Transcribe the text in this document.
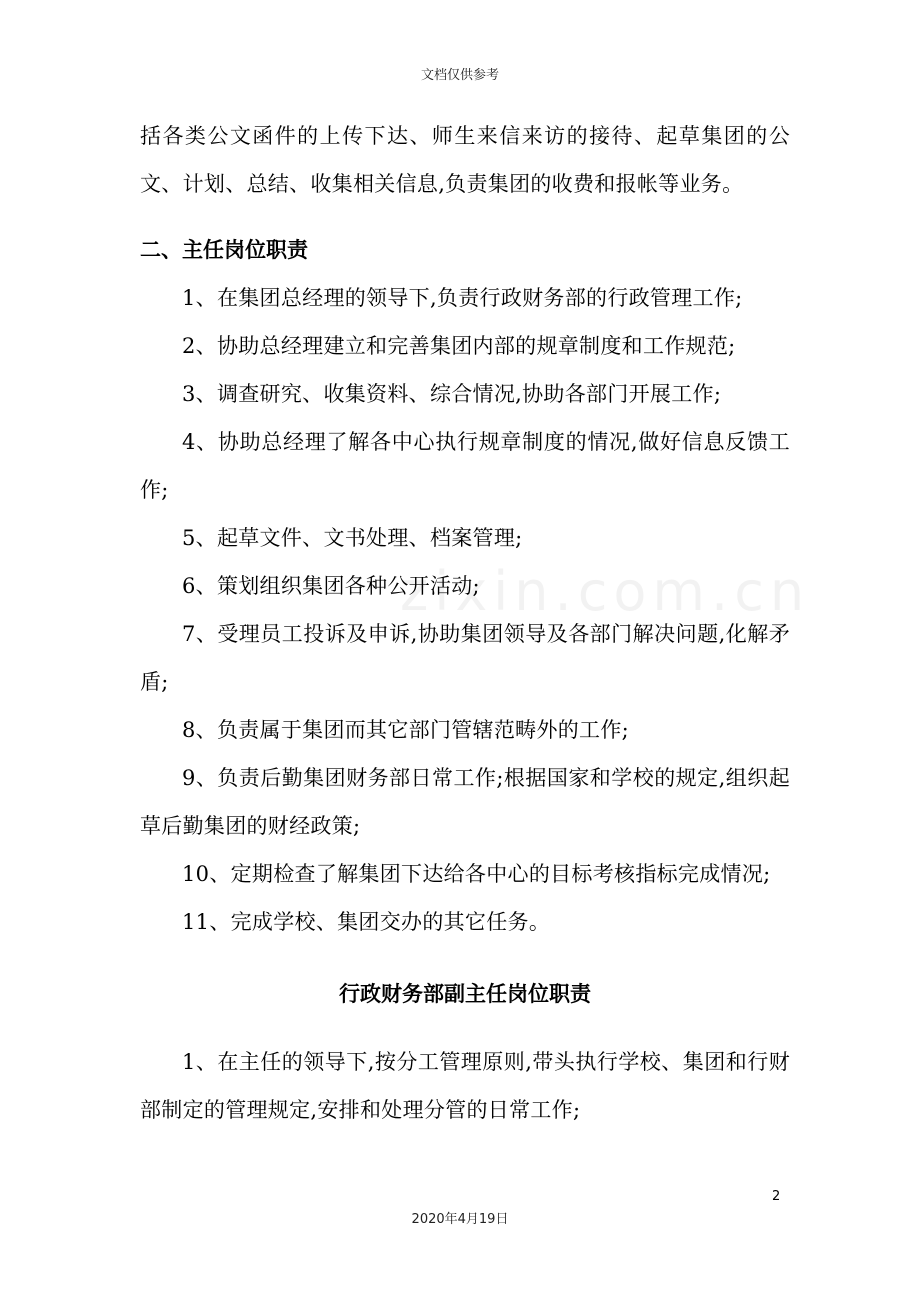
文档仅供参考
zixin.com.cn

括各类公文函件的上传下达、师生来信来访的接待、起草集团的公文、计划、总结、收集相关信息,负责集团的收费和报帐等业务。

二、主任岗位职责

1、在集团总经理的领导下,负责行政财务部的行政管理工作;

2、协助总经理建立和完善集团内部的规章制度和工作规范;

3、调查研究、收集资料、综合情况,协助各部门开展工作;

4、协助总经理了解各中心执行规章制度的情况,做好信息反馈工作;

5、起草文件、文书处理、档案管理;

6、策划组织集团各种公开活动;

7、受理员工投诉及申诉,协助集团领导及各部门解决问题,化解矛盾;

8、负责属于集团而其它部门管辖范畴外的工作;

9、负责后勤集团财务部日常工作;根据国家和学校的规定,组织起草后勤集团的财经政策;

10、定期检查了解集团下达给各中心的目标考核指标完成情况;

11、完成学校、集团交办的其它任务。

行政财务部副主任岗位职责

1、在主任的领导下,按分工管理原则,带头执行学校、集团和行财部制定的管理规定,安排和处理分管的日常工作;

2
2020年4月19日
